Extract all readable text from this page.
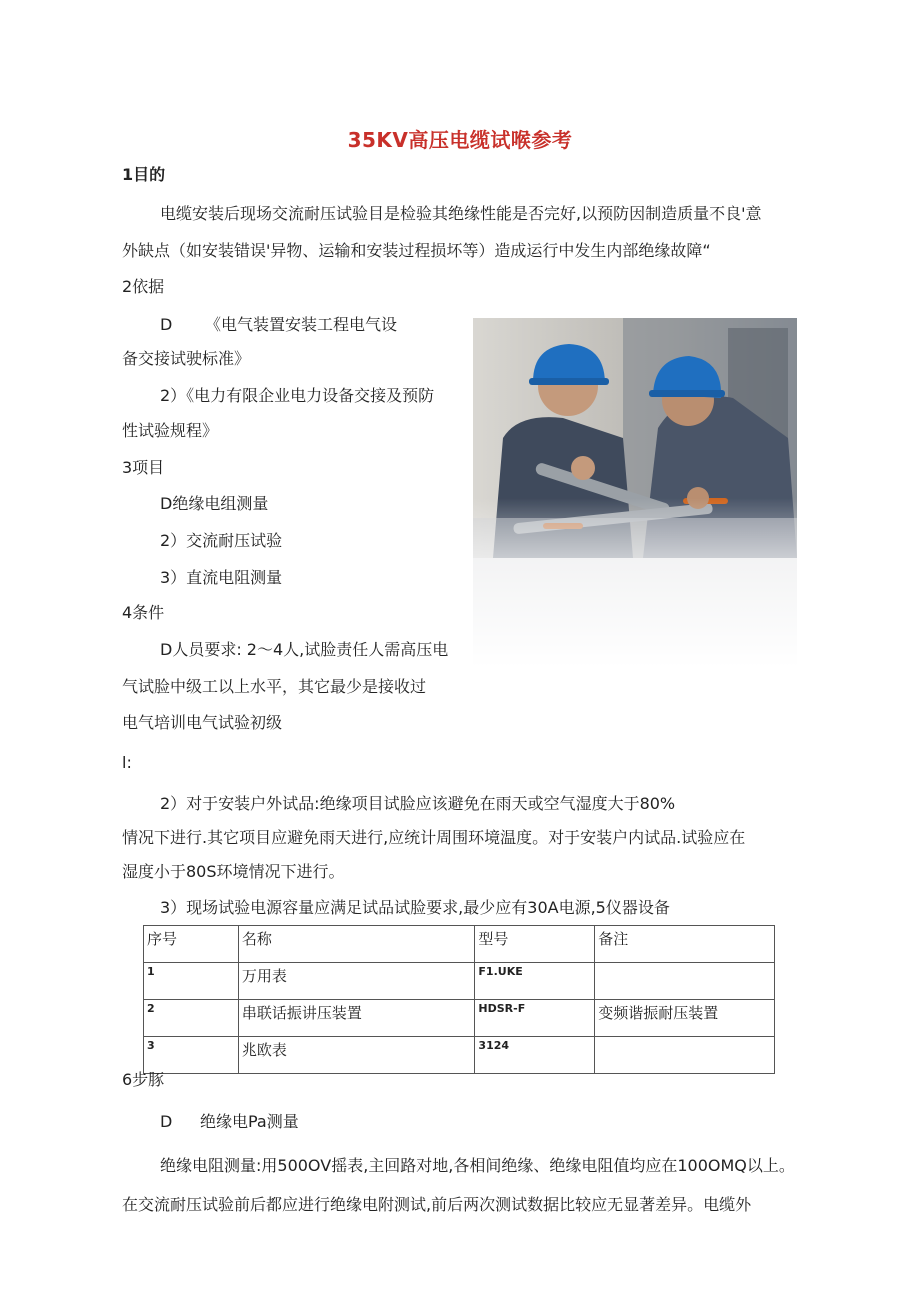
35KV高压电缆试喉参考
1目的
电缆安装后现场交流耐压试验目是检验其绝缘性能是否完好,以预防因制造质量不良'意
外缺点（如安装错误'异物、运输和安装过程损坏等）造成运行中发生内部绝缘故障“
2依据
D 《电气装置安装工程电气设
备交接试驶标准》
2）《电力有限企业电力设备交接及预防
性试验规程》
3项目
D绝缘电组测量
2）交流耐压试验
3）直流电阻测量
4条件
D人员要求: 2〜4人,试脸责任人需高压电
气试脸中级工以上水平，其它最少是接收过
电气培训电气试验初级
l:
2）对于安装户外试品:绝缘项目试脸应该避免在雨天或空气湿度大于80%
情况下进行.其它项目应避免雨天进行,应统计周围环境温度。对于安装户内试品.试验应在
湿度小于80S环境情况下进行。
3）现场试验电源容量应满足试品试脸要求,最少应有30A电源,5仪器设备
序号	名称	型号	备注
1	万用表	F1.UKE	
2	串联话振讲压装置	HDSR-F	变频谐振耐压装置
3	兆欧表	3124	
6步豚
D 绝缘电Pa测量
绝缘电阻测量:用500OV摇表,主回路对地,各相间绝缘、绝缘电阻值均应在100OMQ以上。
在交流耐压试验前后都应进行绝缘电附测试,前后两次测试数据比较应无显著差异。电缆外
